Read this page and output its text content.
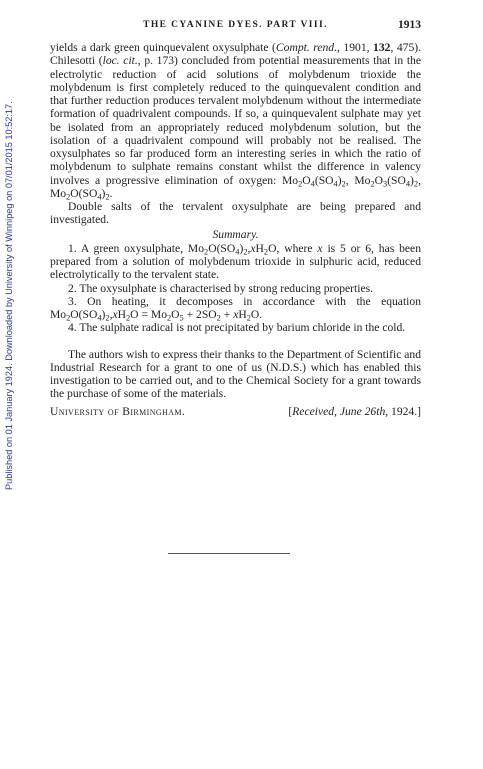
Published on 01 January 1924. Downloaded by University of Winnipeg on 07/01/2015 10:52:17.
THE CYANINE DYES. PART VIII.	1913

yields a dark green quinquevalent oxysulphate (Compt. rend., 1901, 132, 475). Chilesotti (loc. cit., p. 173) concluded from potential measurements that in the electrolytic reduction of acid solutions of molybdenum trioxide the molybdenum is first completely reduced to the quinquevalent condition and that further reduction produces tervalent molybdenum without the intermediate formation of quadrivalent compounds. If so, a quinquevalent sulphate may yet be isolated from an appropriately reduced molybdenum solution, but the isolation of a quadrivalent compound will probably not be realised. The oxysulphates so far produced form an interesting series in which the ratio of molybdenum to sulphate remains constant whilst the difference in valency involves a progressive elimination of oxygen: $Mo_2O_4(SO_4)_2$, $Mo_2O_3(SO_4)_2$, $Mo_2O(SO_4)_2$.

Double salts of the tervalent oxysulphate are being prepared and investigated.

Summary.

1. A green oxysulphate, $Mo_2O(SO_4)_2,xH_2O$, where x is 5 or 6, has been prepared from a solution of molybdenum trioxide in sulphuric acid, reduced electrolytically to the tervalent state.

2. The oxysulphate is characterised by strong reducing properties.

3. On heating, it decomposes in accordance with the equation $Mo_2O(SO_4)_2,xH_2O = Mo_2O_5 + 2SO_2 + xH_2O$.

4. The sulphate radical is not precipitated by barium chloride in the cold.

The authors wish to express their thanks to the Department of Scientific and Industrial Research for a grant to one of us (N.D.S.) which has enabled this investigation to be carried out, and to the Chemical Society for a grant towards the purchase of some of the materials.

University of Birmingham.	[Received, June 26th, 1924.]
